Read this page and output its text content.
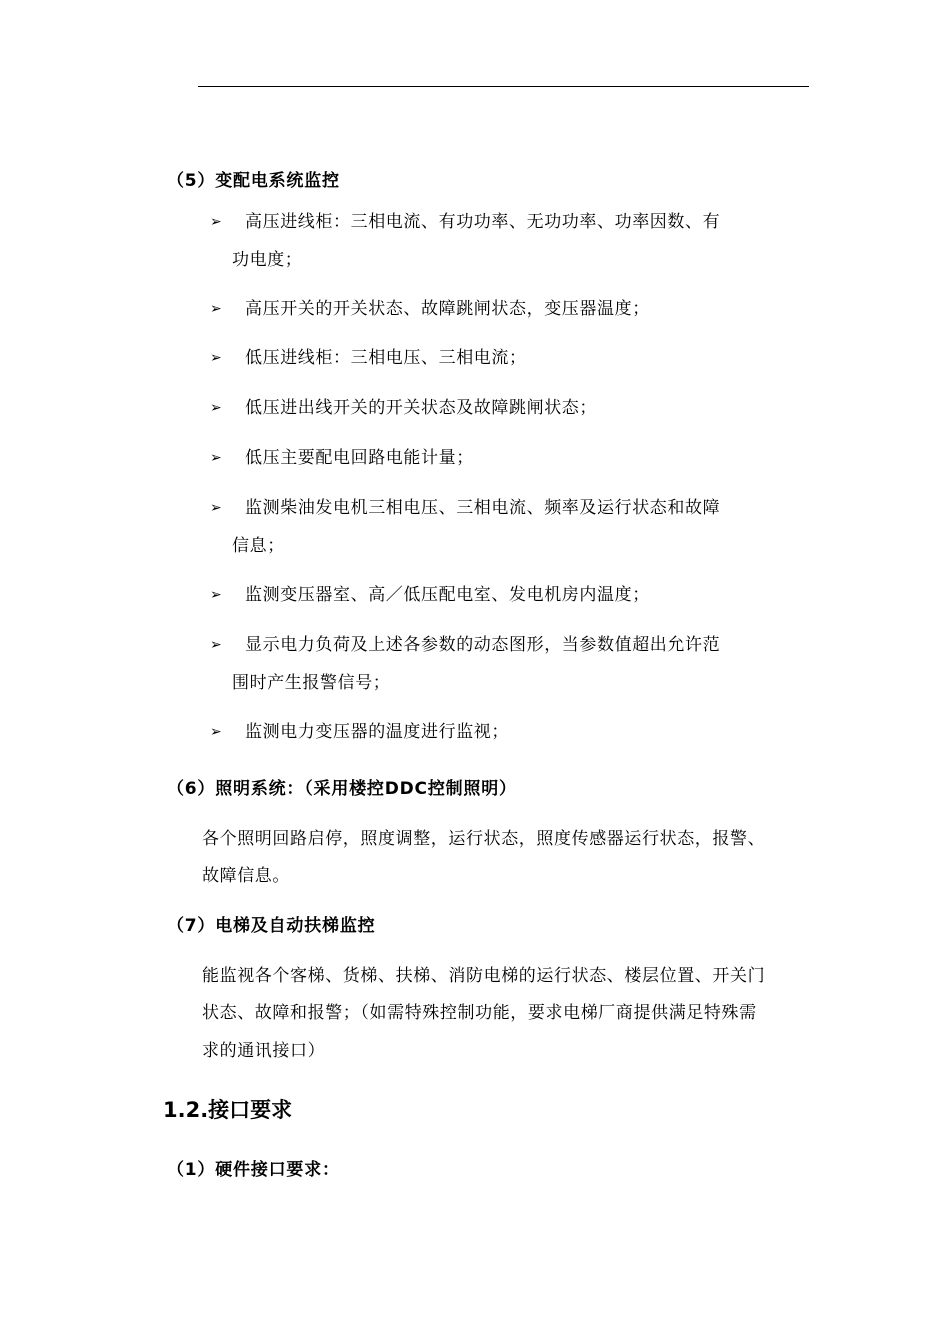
（5）变配电系统监控
➢ 高压进线柜：三相电流、有功功率、无功功率、功率因数、有
功电度；
➢ 高压开关的开关状态、故障跳闸状态，变压器温度；
➢ 低压进线柜：三相电压、三相电流；
➢ 低压进出线开关的开关状态及故障跳闸状态；
➢ 低压主要配电回路电能计量；
➢ 监测柴油发电机三相电压、三相电流、频率及运行状态和故障
信息；
➢ 监测变压器室、高／低压配电室、发电机房内温度；
➢ 显示电力负荷及上述各参数的动态图形，当参数值超出允许范
围时产生报警信号；
➢ 监测电力变压器的温度进行监视；
（6）照明系统：（采用楼控DDC控制照明）
各个照明回路启停，照度调整，运行状态，照度传感器运行状态，报警、
故障信息。
（7）电梯及自动扶梯监控
能监视各个客梯、货梯、扶梯、消防电梯的运行状态、楼层位置、开关门
状态、故障和报警；（如需特殊控制功能，要求电梯厂商提供满足特殊需
求的通讯接口）
1.2.接口要求
（1）硬件接口要求：
